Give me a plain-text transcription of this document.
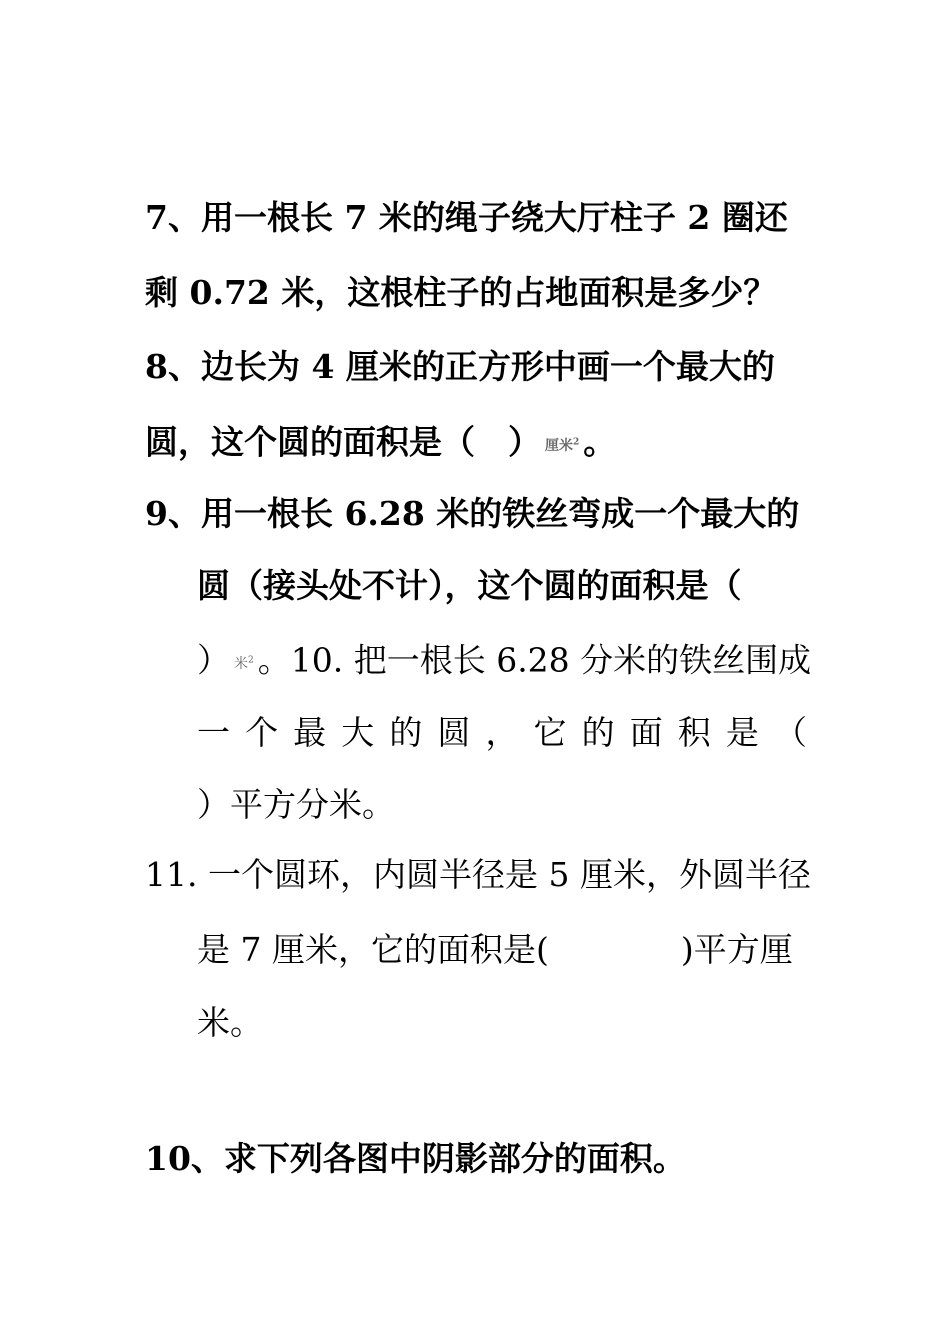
7、用一根长 7 米的绳子绕大厅柱子 2 圈还
剩 0.72 米，这根柱子的占地面积是多少？
8、边长为 4 厘米的正方形中画一个最大的
圆，这个圆的面积是（　） 厘米$^2$ 。
9、用一根长 6.28 米的铁丝弯成一个最大的
圆（接头处不计），这个圆的面积是（
） 米$^2$ 。10. 把一根长 6.28 分米的铁丝围成
一 个 最 大 的 圆 ， 它 的 面 积 是 （
）平方分米。
11. 一个圆环，内圆半径是 5 厘米，外圆半径
是 7 厘米，它的面积是(　　　　)平方厘
米。
10、求下列各图中阴影部分的面积。
